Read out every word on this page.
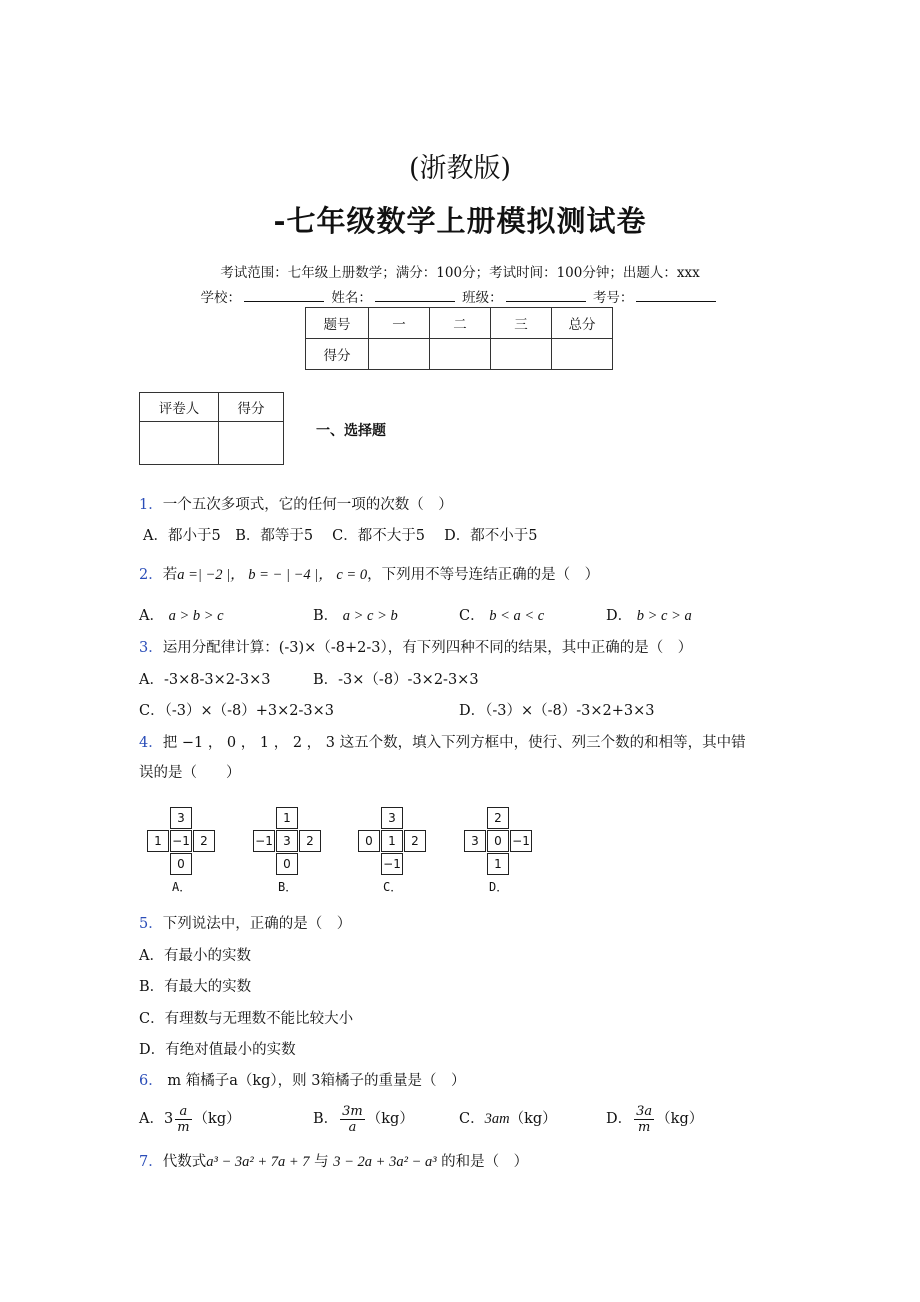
(浙教版)
-七年级数学上册模拟测试卷
考试范围：七年级上册数学；满分：100分；考试时间：100分钟；出题人：xxx
学校：	姓名：	班级：	考号：
题号	一	二	三	总分
得分				
评卷人	得分

一、选择题
1．一个五次多项式，它的任何一项的次数（　）
A．都小于5　B．都等于5　 C．都不大于5　 D．都不小于5
2．若a =| −2 |， b = − | −4 |， c = 0，下列用不等号连结正确的是（　）
A． a > b > c	B． a > c > b	C． b < a < c	D． b > c > a
3．运用分配律计算：(-3)×（-8+2-3），有下列四种不同的结果，其中正确的是（　）
A．-3×8-3×2-3×3	B．-3×（-8）-3×2-3×3
C．（-3）×（-8）+3×2-3×3	D．（-3）×（-8）-3×2+3×3
4．把 −1 ， 0 ， 1 ， 2 ， 3 这五个数，填入下列方框中，使行、列三个数的和相等，其中错
误的是（　　）
3
1 −1 2
0
A．
1
−1 3	2
0
B．
3
0	1	2
−1
C．
2
3	0 −1
1
D．
5．下列说法中，正确的是（　）
A．有最小的实数
B．有最大的实数
C．有理数与无理数不能比较大小
D．有绝对值最小的实数
6． m 箱橘子a（kg），则 3箱橘子的重量是（　）
A．$3 \frac{a}{m} (kg)$	B． $\frac{3m}{a} (kg)$	C．3am（kg）	D． $\frac{3a}{m} (kg)$
7．代数式a³ − 3a² + 7a + 7 与 3 − 2a + 3a² − a³ 的和是（　）
